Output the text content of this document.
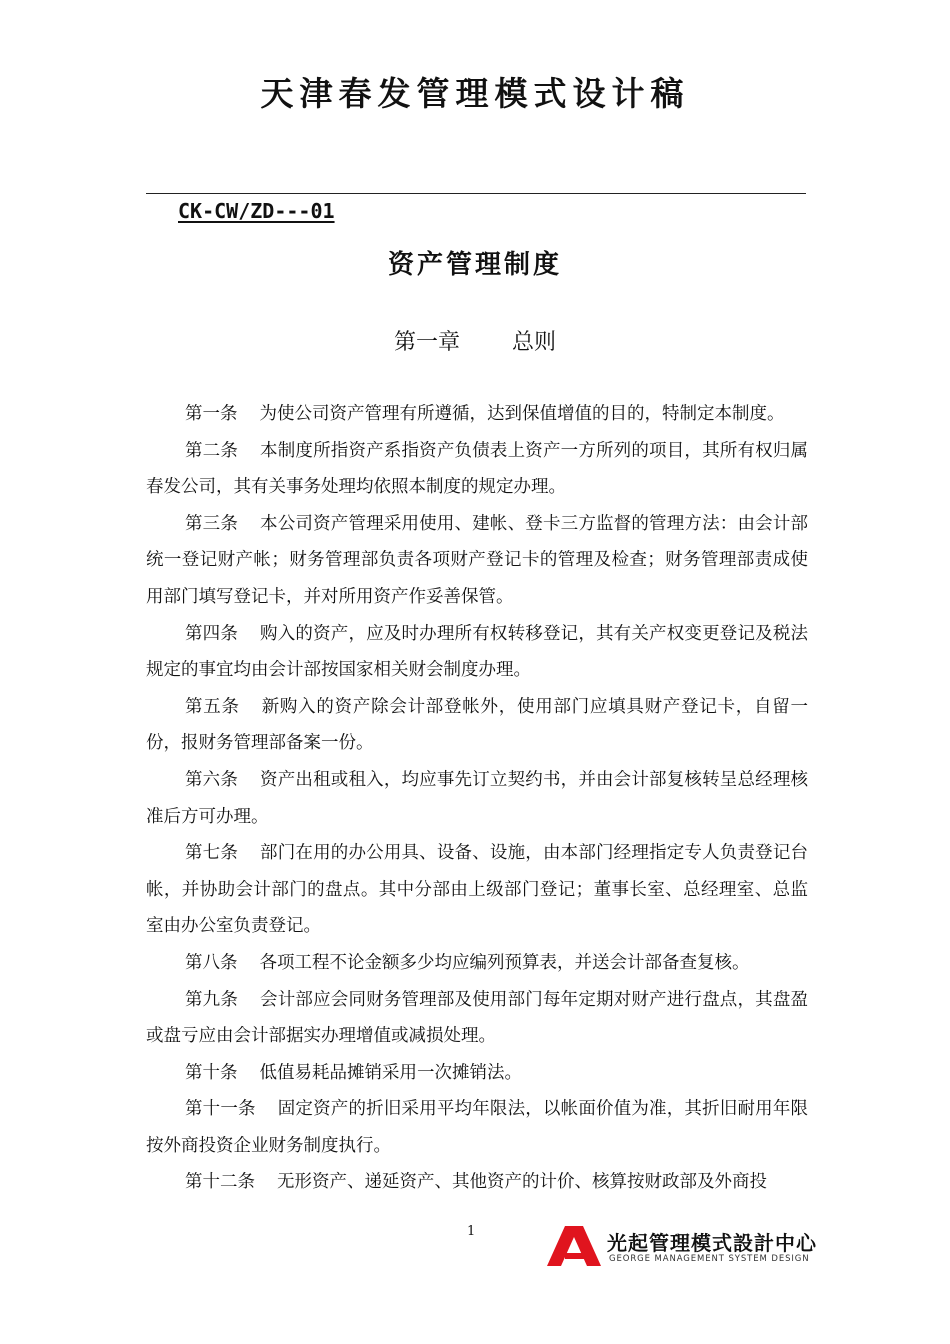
天津春发管理模式设计稿
CK-CW/ZD---01
资产管理制度
第一章 总则

第一条 为使公司资产管理有所遵循，达到保值增值的目的，特制定本制度。

第二条 本制度所指资产系指资产负债表上资产一方所列的项目，其所有权归属春发公司，其有关事务处理均依照本制度的规定办理。

第三条 本公司资产管理采用使用、建帐、登卡三方监督的管理方法：由会计部统一登记财产帐；财务管理部负责各项财产登记卡的管理及检查；财务管理部责成使用部门填写登记卡，并对所用资产作妥善保管。

第四条 购入的资产，应及时办理所有权转移登记，其有关产权变更登记及税法规定的事宜均由会计部按国家相关财会制度办理。

第五条 新购入的资产除会计部登帐外，使用部门应填具财产登记卡，自留一份，报财务管理部备案一份。

第六条 资产出租或租入，均应事先订立契约书，并由会计部复核转呈总经理核准后方可办理。

第七条 部门在用的办公用具、设备、设施，由本部门经理指定专人负责登记台帐，并协助会计部门的盘点。其中分部由上级部门登记；董事长室、总经理室、总监室由办公室负责登记。

第八条 各项工程不论金额多少均应编列预算表，并送会计部备查复核。

第九条 会计部应会同财务管理部及使用部门每年定期对财产进行盘点，其盘盈或盘亏应由会计部据实办理增值或减损处理。

第十条 低值易耗品摊销采用一次摊销法。

第十一条 固定资产的折旧采用平均年限法，以帐面价值为准，其折旧耐用年限按外商投资企业财务制度执行。

第十二条 无形资产、递延资产、其他资产的计价、核算按财政部及外商投

1	光起管理模式設計中心
GEORGE MANAGEMENT SYSTEM DESIGN
